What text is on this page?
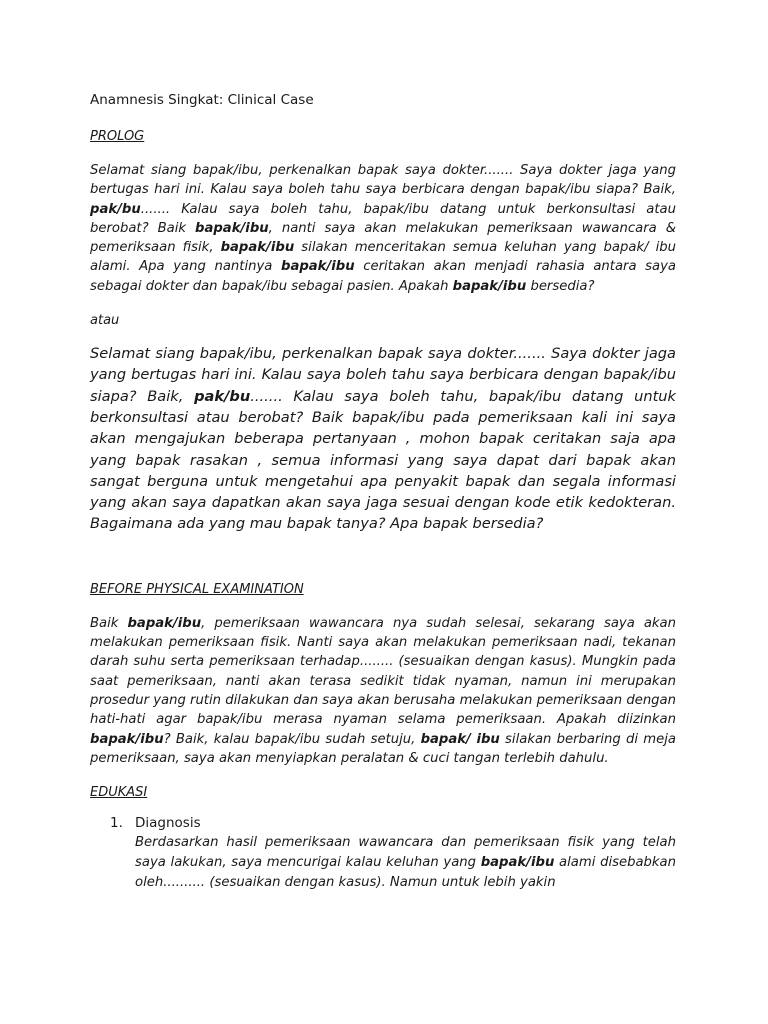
Anamnesis Singkat: Clinical Case
PROLOG

Selamat siang bapak/ibu, perkenalkan bapak saya dokter....... Saya dokter jaga yang bertugas hari ini. Kalau saya boleh tahu saya berbicara dengan bapak/ibu siapa? Baik, pak/bu....... Kalau saya boleh tahu, bapak/ibu datang untuk berkonsultasi atau berobat? Baik bapak/ibu, nanti saya akan melakukan pemeriksaan wawancara & pemeriksaan fisik, bapak/ibu silakan menceritakan semua keluhan yang bapak/ ibu alami. Apa yang nantinya bapak/ibu ceritakan akan menjadi rahasia antara saya sebagai dokter dan bapak/ibu sebagai pasien. Apakah bapak/ibu bersedia?

atau

Selamat siang bapak/ibu, perkenalkan bapak saya dokter....... Saya dokter jaga yang bertugas hari ini. Kalau saya boleh tahu saya berbicara dengan bapak/ibu siapa? Baik, pak/bu....... Kalau saya boleh tahu, bapak/ibu datang untuk berkonsultasi atau berobat? Baik bapak/ibu pada pemeriksaan kali ini saya akan mengajukan beberapa pertanyaan , mohon bapak ceritakan saja apa yang bapak rasakan , semua informasi yang saya dapat dari bapak akan sangat berguna untuk mengetahui apa penyakit bapak dan segala informasi yang akan saya dapatkan akan saya jaga sesuai dengan kode etik kedokteran. Bagaimana ada yang mau bapak tanya? Apa bapak bersedia?

BEFORE PHYSICAL EXAMINATION

Baik bapak/ibu, pemeriksaan wawancara nya sudah selesai, sekarang saya akan melakukan pemeriksaan fisik. Nanti saya akan melakukan pemeriksaan nadi, tekanan darah suhu serta pemeriksaan terhadap........ (sesuaikan dengan kasus). Mungkin pada saat pemeriksaan, nanti akan terasa sedikit tidak nyaman, namun ini merupakan prosedur yang rutin dilakukan dan saya akan berusaha melakukan pemeriksaan dengan hati-hati agar bapak/ibu merasa nyaman selama pemeriksaan. Apakah diizinkan bapak/ibu? Baik, kalau bapak/ibu sudah setuju, bapak/ ibu silakan berbaring di meja pemeriksaan, saya akan menyiapkan peralatan & cuci tangan terlebih dahulu.

EDUKASI
1. Diagnosis
Berdasarkan hasil pemeriksaan wawancara dan pemeriksaan fisik yang telah saya lakukan, saya mencurigai kalau keluhan yang bapak/ibu alami disebabkan oleh.......... (sesuaikan dengan kasus). Namun untuk lebih yakin
